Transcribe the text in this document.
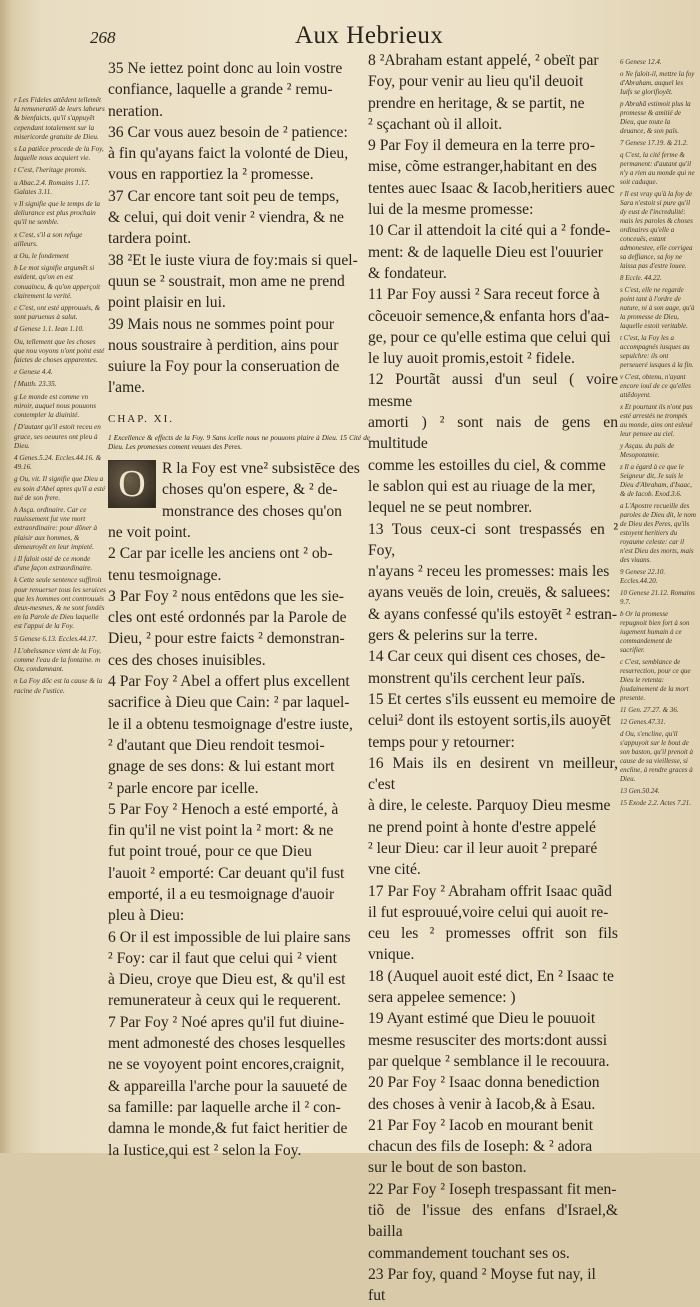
268	Aux Hebrieux

r Les Fideles attēdent tellemēt la remuneratiō de leurs labeurs & bienfaicts, qu'il s'appuyēt cependant totalement sur la misericorde gratuite de Dieu.

s La patiēce procede de la Foy, laquelle nous acquiert vie.

t C'est, l'heritage promis.

u Abac.2.4. Romains 1.17. Galates 3.11.

v Il signifie que le temps de la deliurance est plus prochain qu'il ne semble.

x C'est, s'il a son refuge ailleurs.

a Ou, le fondement

b Le mot signifie argumēt si euident, qu'on en est conuaincu, & qu'on apperçoit clairement la verité.

c C'est, ont esté approuués, & sont paruenus à salut.

d Genese 1.1. Iean 1.10.

Ou, tellement que les choses que nou voyons n'ont point esté faictes de choses apparentes.

e Genese 4.4.

f Matth. 23.35.

g Le monde est comme vn miroir, auquel nous pouuons contempler la diuinité.

f D'autant qu'il estoit receu en grace, ses oeuures ont pleu à Dieu.

4 Genes.5.24. Eccles.44.16. & 49.16.

g Ou, vit. Il signifie que Dieu a eu soin d'Abel apres qu'il a esté tué de son frere.

h Asça. ordinaire. Car ce rauissement fut vne mort extraordinaire: pour dōner à plaisir aux hommes, & demeuroyēt en leur impieté.

i Il faloit osté de ce monde d'une façon extraordinaire.

k Cette seule sentence suffiroit pour renuerser tous les seruices que les hommes ont controuués deux-mesmes, & ne sont fondés en la Parole de Dieu laquelle est l'appui de la Foy.

5 Genese 6.13. Eccles.44.17.

l L'obeïssance vient de la Foy, comme l'eau de la fontaine. m Ou, condamnant.

n La Foy dōc est la cause & la racine de l'ustice.

35 Ne iettez point donc au loin vostre
confiance, laquelle a grande ² remu-
neration.

36 Car vous auez besoin de ² patience:
à fin qu'ayans faict la volonté de Dieu,
vous en rapportiez la ² promesse.

37 Car encore tant soit peu de temps,
& celui, qui doit venir ² viendra, & ne
tardera point.

38 ²Et le iuste viura de foy:mais si quel-
quun se ² soustrait, mon ame ne prend
point plaisir en lui.

39 Mais nous ne sommes point pour
nous soustraire à perdition, ains pour
suiure la Foy pour la conseruation de
l'ame.

CHAP. XI.

1 Excellence & effects de la Foy. 9 Sans icelle nous ne pouuons plaire à Dieu. 15 Cité de Dieu. Les promesses coment veuues des Peres.

O	R la Foy est vne² subsistēce des
choses qu'on espere, & ² de-
monstrance des choses qu'on
ne voit point.

2 Car par icelle les anciens ont ² ob-
tenu tesmoignage.

3 Par Foy ² nous entēdons que les sie-
cles ont esté ordonnés par la Parole de
Dieu, ² pour estre faicts ² demonstran-
ces des choses inuisibles.

4 Par Foy ² Abel a offert plus excellent
sacrifice à Dieu que Cain: ² par laquel-
le il a obtenu tesmoignage d'estre iuste,
² d'autant que Dieu rendoit tesmoi-
gnage de ses dons: & lui estant mort
² parle encore par icelle.

5 Par Foy ² Henoch a esté emporté, à
fin qu'il ne vist point la ² mort: & ne
fut point troué, pour ce que Dieu
l'auoit ² emporté: Car deuant qu'il fust
emporté, il a eu tesmoignage d'auoir
pleu à Dieu:

6 Or il est impossible de lui plaire sans
² Foy: car il faut que celui qui ² vient
à Dieu, croye que Dieu est, & qu'il est
remunerateur à ceux qui le requerent.

7 Par Foy ² Noé apres qu'il fut diuine-
ment admonesté des choses lesquelles
ne se voyoyent point encores,craignit,
& appareilla l'arche pour la sauueté de
sa famille: par laquelle arche il ² con-
damna le monde,& fut faict heritier de
la Iustice,qui est ² selon la Foy.

8 ²Abraham estant appelé, ² obeït par
Foy, pour venir au lieu qu'il deuoit
prendre en heritage, & se partit, ne
² sçachant où il alloit.

9 Par Foy il demeura en la terre pro-
mise, cõme estranger,habitant en des
tentes auec Isaac & Iacob,heritiers auec
lui de la mesme promesse:

10 Car il attendoit la cité qui a ² fonde-
ment: & de laquelle Dieu est l'ouurier
& fondateur.

11 Par Foy aussi ² Sara receut force à
cõceuoir semence,& enfanta hors d'aa-
ge, pour ce qu'elle estima que celui qui
le luy auoit promis,estoit ² fidele.

12 Pourtãt aussi d'un seul ( voire mesme
amorti ) ² sont nais de gens en multitude
comme les estoilles du ciel, & comme
le sablon qui est au riuage de la mer,
lequel ne se peut nombrer.

13 Tous ceux-ci sont trespassés en ² Foy,
n'ayans ² receu les promesses: mais les
ayans veuës de loin, creuës, & saluees:
& ayans confessé qu'ils estoyēt ² estran-
gers & pelerins sur la terre.

14 Car ceux qui disent ces choses, de-
monstrent qu'ils cerchent leur païs.

15 Et certes s'ils eussent eu memoire de
celui² dont ils estoyent sortis,ils auoyēt
temps pour y retourner:

16 Mais ils en desirent vn meilleur, c'est
à dire, le celeste. Parquoy Dieu mesme
ne prend point à honte d'estre appelé
² leur Dieu: car il leur auoit ² preparé
vne cité.

17 Par Foy ² Abraham offrit Isaac quãd
il fut esprouué,voire celui qui auoit re-
ceu les ² promesses offrit son fils vnique.

18 (Auquel auoit esté dict, En ² Isaac te
sera appelee semence: )

19 Ayant estimé que Dieu le pouuoit
mesme resusciter des morts:dont aussi
par quelque ² semblance il le recouura.

20 Par Foy ² Isaac donna benediction
des choses à venir à Iacob,& à Esau.

21 Par Foy ² Iacob en mourant benit
chacun des fils de Ioseph: & ² adora
sur le bout de son baston.

22 Par Foy ² Ioseph trespassant fit men-
tiõ de l'issue des enfans d'Israel,& bailla
commandement touchant ses os.

23 Par foy, quand ² Moyse fut nay, il
fut

6 Genese 12.4.

o Ne faloit-il, mettre la foy d'Abraham, auquel les Iuifs se glorifioyēt.

p Abrahā estimoit plus la promesse & amitié de Dieu, que toute la deuance, & son païs.

7 Genese 17.19. & 21.2.

q C'est, la cité ferme & permanent: d'autant qu'il n'y a rien au monde qui ne soit caduque.

r Il est vray qu'à la foy de Sara n'estoit si pure qu'il dy eust de l'incredulité: mais les paroles & choses ordinaires qu'elle a conceuës, estant admonestee, elle corrigea sa deffiance, sa foy ne laissa pas d'estre louee.

8 Eccle. 44.22.

s C'est, elle ne regarde point tant à l'ordre de nature, ni à son aage, qu'à la promesse de Dieu, laquelle estoit veritable.

t C'est, la Foy les a accompagnés iusques au sepulchre: ils ont perseueré iusques à la fin.

v C'est, obtenu, n'ayant encore iouï de ce qu'elles attēdoyent.

x Et pourtant ils n'ont pas esté arrestés ne trompés au monde, ains ont esleué leur pensee au ciel.

y Asçau. du païs de Mesopotamie.

z Il a égard à ce que le Seigneur dit, Je suis le Dieu d'Abraham, d'Isaac, & de Iacob. Exod.3.6.

a L'Apostre recueille des paroles de Dieu dit, le nom de Dieu des Peres, qu'ils estoyent heritiers du royaume celeste: car il n'est Dieu des morts, mais des viuans.

9 Genese 22.10. Eccles.44.20.

10 Genese 21.12. Romains 9.7.

b Or la promesse repugnoit bien fort à son iugement humain à ce commandement de sacrifier.

c C'est, semblance de resurrection, pour ce que Dieu le retenta: foudainement de la mort presente.

11 Gen. 27.27. & 36.

12 Genes.47.31.

d Ou, s'encline, qu'il s'appuyoit sur le bout de son baston, qu'il prenoit à cause de sa vieillesse, si encline, à rendre graces à Dieu.

13 Gen.50.24.

15 Exode 2.2. Actes 7.21.
